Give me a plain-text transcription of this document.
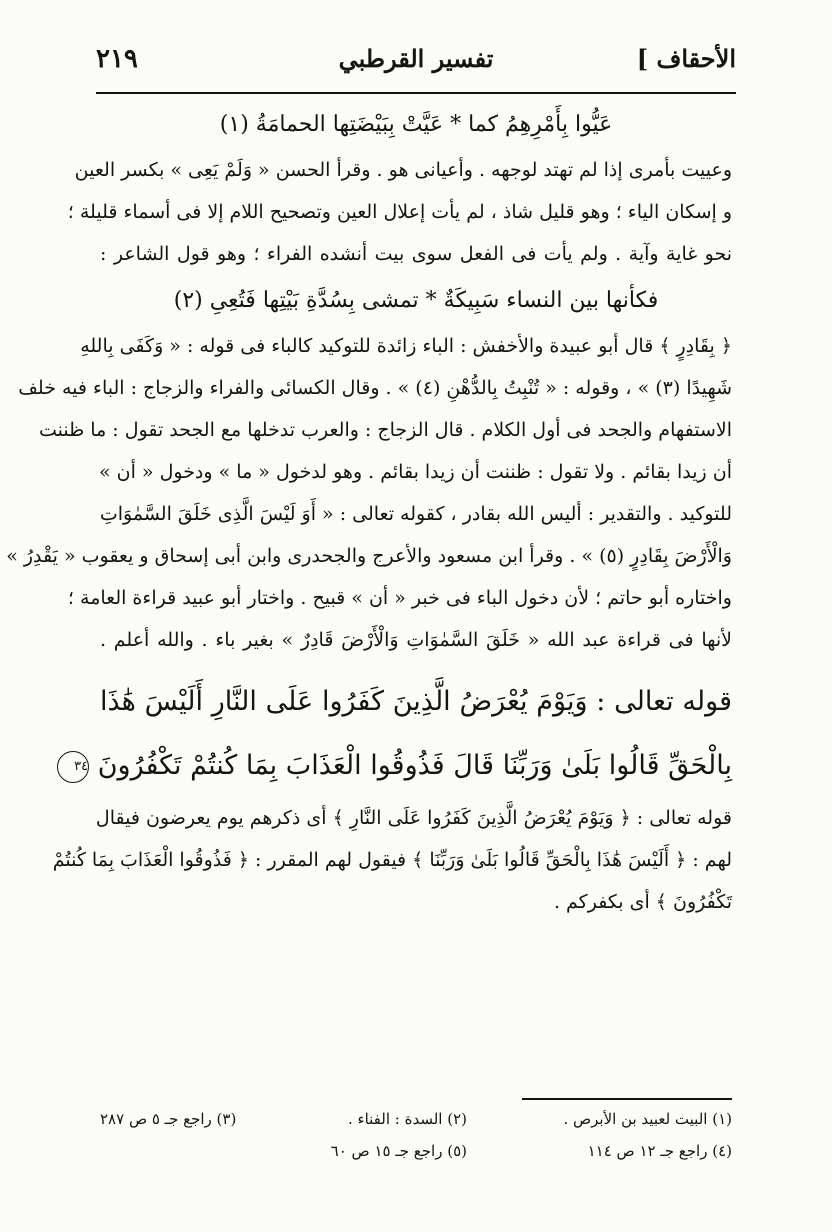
الأحقاف ]
تفسير القرطبي
٢١٩
عَيُّوا بِأَمْرِهِمُ كما * عَيَّتْ بِبَيْضَتِها الحمامَةُ (١)
وعييت بأمرى إذا لم تهتد لوجهه . وأعيانى هو . وقرأ الحسن « وَلَمْ يَعِى » بكسر العين
و إسكان الياء ؛ وهو قليل شاذ ، لم يأت إعلال العين وتصحيح اللام إلا فى أسماء قليلة ؛
نحو غاية وآية . ولم يأت فى الفعل سوى بيت أنشده الفراء ؛ وهو قول الشاعر :
فكأنها بين النساء سَبِيكَةٌ * تمشى بِسُدَّةِ بَيْتِها فَتُعِىِ (٢)
﴿ بِقَادِرٍ ﴾ قال أبو عبيدة والأخفش : الباء زائدة للتوكيد كالباء فى قوله : « وَكَفَى بِاللهِ
شَهِيدًا (٣) » ، وقوله : « تُنْبِتُ بِالدُّهْنِ (٤) » . وقال الكسائى والفراء والزجاج : الباء فيه خلف
الاستفهام والجحد فى أول الكلام . قال الزجاج : والعرب تدخلها مع الجحد تقول : ما ظننت
أن زيدا بقائم . ولا تقول : ظننت أن زيدا بقائم . وهو لدخول « ما » ودخول « أن »
للتوكيد . والتقدير : أليس الله بقادر ، كقوله تعالى : « أَوَ لَيْسَ الَّذِى خَلَقَ السَّمٰوَاتِ
وَالْأَرْضَ بِقَادِرٍ (٥) » . وقرأ ابن مسعود والأعرج والجحدرى وابن أبى إسحاق و يعقوب « يَقْدِرُ »
واختاره أبو حاتم ؛ لأن دخول الباء فى خبر « أن » قبيح . واختار أبو عبيد قراءة العامة ؛
لأنها فى قراءة عبد الله « خَلَقَ السَّمٰوَاتِ وَالْأَرْضَ قَادِرٌ » بغير باء . والله أعلم .
قوله تعالى : وَيَوْمَ يُعْرَضُ الَّذِينَ كَفَرُوا عَلَى النَّارِ أَلَيْسَ هَٰذَا
بِالْحَقِّ قَالُوا بَلَىٰ وَرَبِّنَا قَالَ فَذُوقُوا الْعَذَابَ بِمَا كُنتُمْ تَكْفُرُونَ ٣٤
قوله تعالى : ﴿ وَيَوْمَ يُعْرَضُ الَّذِينَ كَفَرُوا عَلَى النَّارِ ﴾ أى ذكرهم يوم يعرضون فيقال
لهم : ﴿ أَلَيْسَ هَٰذَا بِالْحَقِّ قَالُوا بَلَىٰ وَرَبِّنَا ﴾ فيقول لهم المقرر : ﴿ فَذُوقُوا الْعَذَابَ بِمَا كُنتُمْ
تَكْفُرُونَ ﴾ أى بكفركم .
(١) البيت لعبيد بن الأبرص .
(٢) السدة : الفناء .
(٣) راجع جـ ٥ ص ٢٨٧
(٤) راجع جـ ١٢ ص ١١٤
(٥) راجع جـ ١٥ ص ٦٠
